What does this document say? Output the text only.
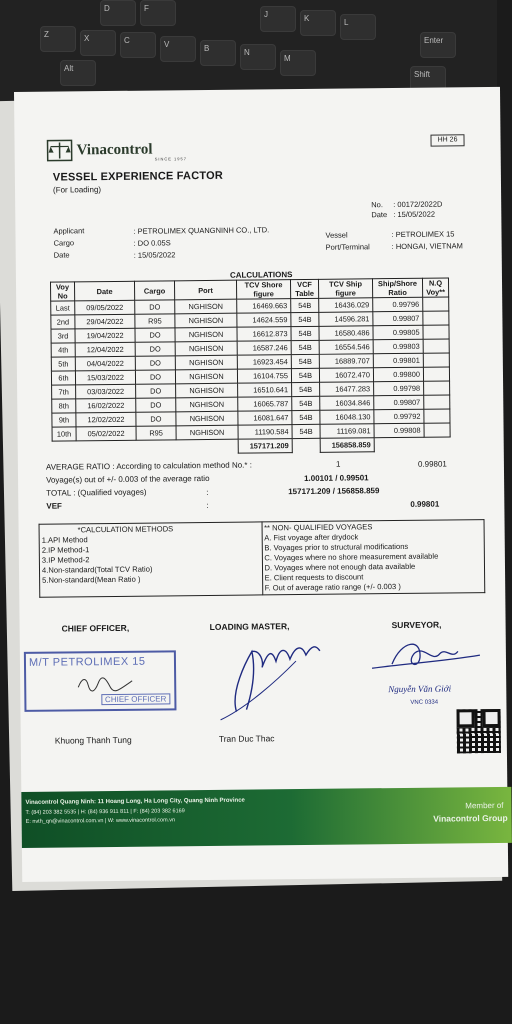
D	F
Z	X	C	V	B	N
M
K	L
J
Alt
Enter
Shift
Vinacontrol
SINCE 1957
HH 26
VESSEL EXPERIENCE FACTOR
(For Loading)
No. : 00172/2022D
Date : 15/05/2022
Applicant	: PETROLIMEX QUANGNINH CO., LTD.
Cargo	: DO 0.05S
Date	: 15/05/2022
Vessel	: PETROLIMEX 15
Port/Terminal	: HONGAI, VIETNAM
CALCULATIONS
Voy No	Date	Cargo	Port	TCV Shore figure	VCF Table	TCV Ship figure	Ship/Shore Ratio	N.Q Voy**
Last	09/05/2022	DO	NGHISON	16469.663	54B	16436.029	0.99796	
2nd	29/04/2022	R95	NGHISON	14624.559	54B	14596.281	0.99807	
3rd	19/04/2022	DO	NGHISON	16612.873	54B	16580.486	0.99805	
4th	12/04/2022	DO	NGHISON	16587.246	54B	16554.546	0.99803	
5th	04/04/2022	DO	NGHISON	16923.454	54B	16889.707	0.99801	
6th	15/03/2022	DO	NGHISON	16104.755	54B	16072.470	0.99800	
7th	03/03/2022	DO	NGHISON	16510.641	54B	16477.283	0.99798	
8th	16/02/2022	DO	NGHISON	16065.787	54B	16034.846	0.99807	
9th	12/02/2022	DO	NGHISON	16081.647	54B	16048.130	0.99792	
10th	05/02/2022	R95	NGHISON	11190.584	54B	11169.081	0.99808	
				157171.209		156858.859		
AVERAGE RATIO : According to calculation method No.* :	1	0.99801
Voyage(s) out of +/- 0.003 of the average ratio	1.00101 / 0.99501
TOTAL : (Qualified voyages)	:	157171.209 / 156858.859
VEF	:	0.99801
*CALCULATION METHODS
1.API Method
2.IP Method-1
3.IP Method-2
4.Non-standard(Total TCV Ratio)
5.Non-standard(Mean Ratio )

** NON- QUALIFIED VOYAGES
A. Fist voyage after drydock
B. Voyages prior to structural modifications
C. Voyages where no shore measurement available
D. Voyages where not enough data available
E. Client requests to discount
F. Out of average ratio range (+/- 0.003 )
CHIEF OFFICER,	LOADING MASTER,	SURVEYOR,
M/T PETROLIMEX 15
CHIEF OFFICER
Nguyễn Văn Giới
VNC 0334
Khuong Thanh Tung	Tran Duc Thac
Vinacontrol Quang Ninh: 11 Hoang Long, Ha Long City, Quang Ninh Province
T: (84) 203 382 5535 | H: (84) 936 911 811 | F: (84) 203 382 6169
E: nvth_qn@vinacontrol.com.vn | W: www.vinacontrol.com.vn
Member of
Vinacontrol Group
